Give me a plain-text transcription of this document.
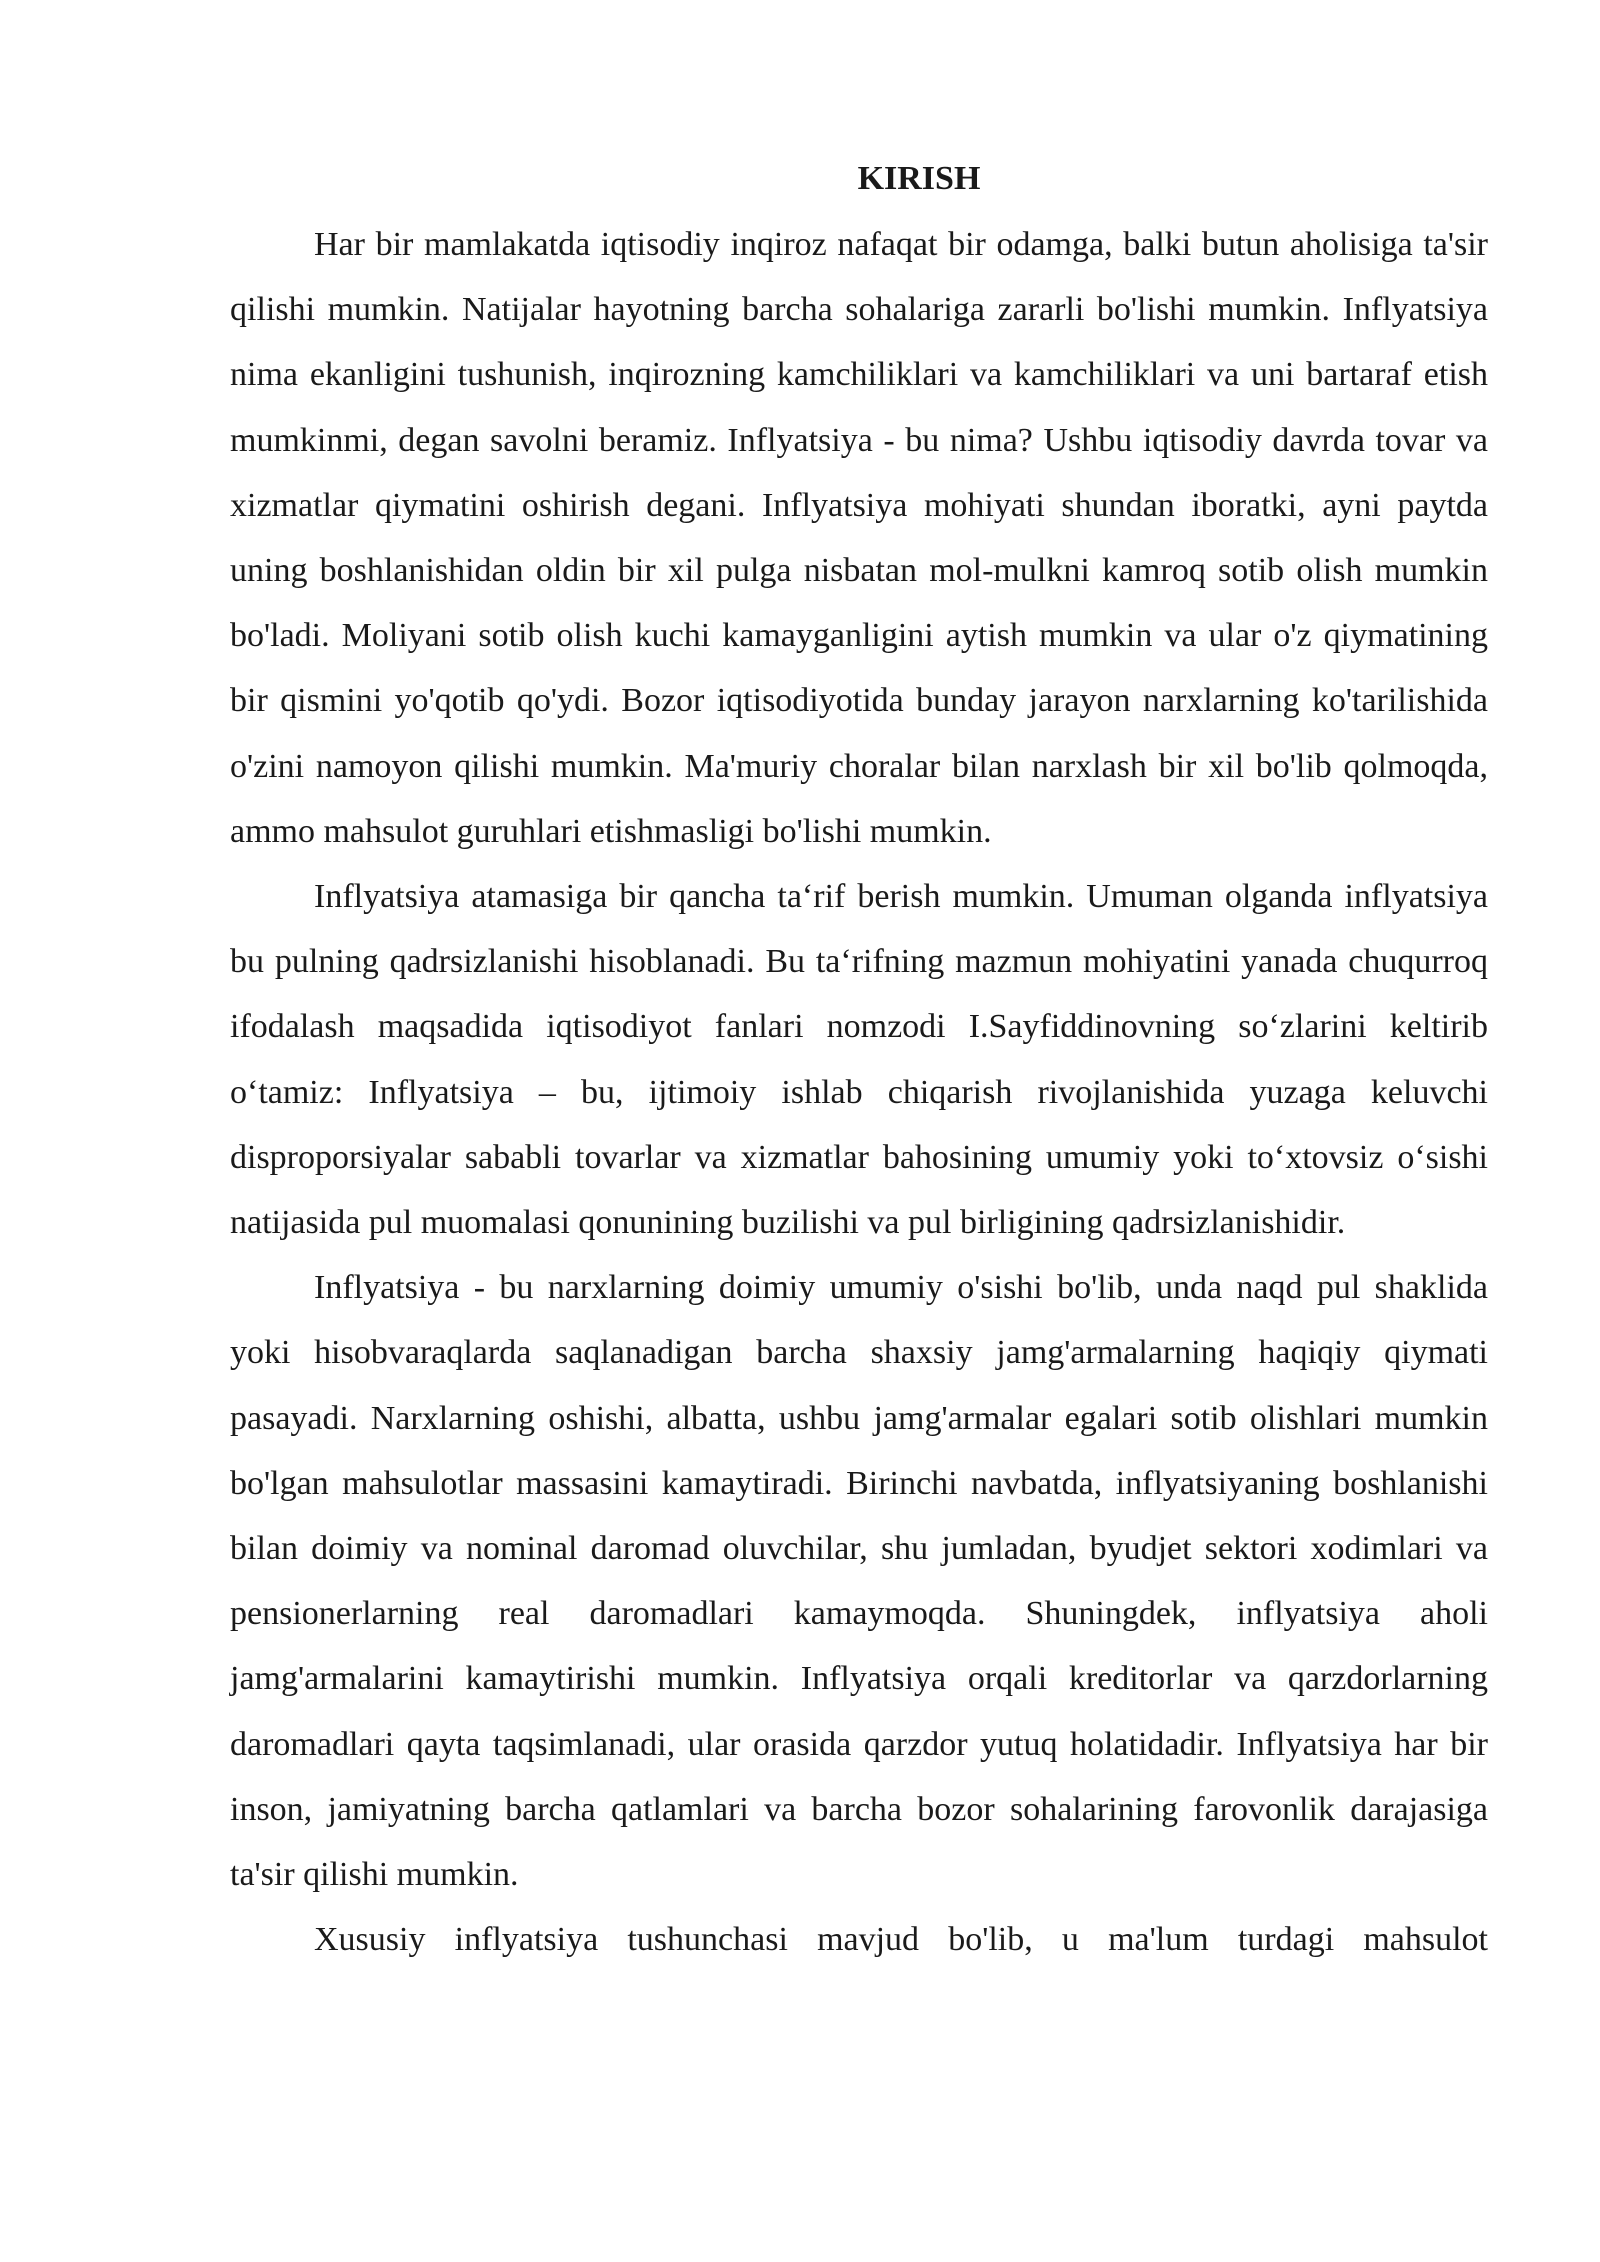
KIRISH

Har bir mamlakatda iqtisodiy inqiroz nafaqat bir odamga, balki butun aholisiga ta'sir qilishi mumkin. Natijalar hayotning barcha sohalariga zararli bo'lishi mumkin. Inflyatsiya nima ekanligini tushunish, inqirozning kamchiliklari va kamchiliklari va uni bartaraf etish mumkinmi, degan savolni beramiz. Inflyatsiya - bu nima? Ushbu iqtisodiy davrda tovar va xizmatlar qiymatini oshirish degani. Inflyatsiya mohiyati shundan iboratki, ayni paytda uning boshlanishidan oldin bir xil pulga nisbatan mol-mulkni kamroq sotib olish mumkin bo'ladi. Moliyani sotib olish kuchi kamayganligini aytish mumkin va ular o'z qiymatining bir qismini yo'qotib qo'ydi. Bozor iqtisodiyotida bunday jarayon narxlarning ko'tarilishida o'zini namoyon qilishi mumkin. Ma'muriy choralar bilan narxlash bir xil bo'lib qolmoqda, ammo mahsulot guruhlari etishmasligi bo'lishi mumkin.

Inflyatsiya atamasiga bir qancha ta‘rif berish mumkin. Umuman olganda inflyatsiya bu pulning qadrsizlanishi hisoblanadi. Bu ta‘rifning mazmun mohiyatini yanada chuqurroq ifodalash maqsadida iqtisodiyot fanlari nomzodi I.Sayfiddinovning so‘zlarini keltirib o‘tamiz: Inflyatsiya – bu, ijtimoiy ishlab chiqarish rivojlanishida yuzaga keluvchi disproporsiyalar sababli tovarlar va xizmatlar bahosining umumiy yoki to‘xtovsiz o‘sishi natijasida pul muomalasi qonunining buzilishi va pul birligining qadrsizlanishidir.

Inflyatsiya - bu narxlarning doimiy umumiy o'sishi bo'lib, unda naqd pul shaklida yoki hisobvaraqlarda saqlanadigan barcha shaxsiy jamg'armalarning haqiqiy qiymati pasayadi. Narxlarning oshishi, albatta, ushbu jamg'armalar egalari sotib olishlari mumkin bo'lgan mahsulotlar massasini kamaytiradi. Birinchi navbatda, inflyatsiyaning boshlanishi bilan doimiy va nominal daromad oluvchilar, shu jumladan, byudjet sektori xodimlari va pensionerlarning real daromadlari kamaymoqda. Shuningdek, inflyatsiya aholi jamg'armalarini kamaytirishi mumkin. Inflyatsiya orqali kreditorlar va qarzdorlarning daromadlari qayta taqsimlanadi, ular orasida qarzdor yutuq holatidadir. Inflyatsiya har bir inson, jamiyatning barcha qatlamlari va barcha bozor sohalarining farovonlik darajasiga ta'sir qilishi mumkin.

Xususiy inflyatsiya tushunchasi mavjud bo'lib, u ma'lum turdagi mahsulot
